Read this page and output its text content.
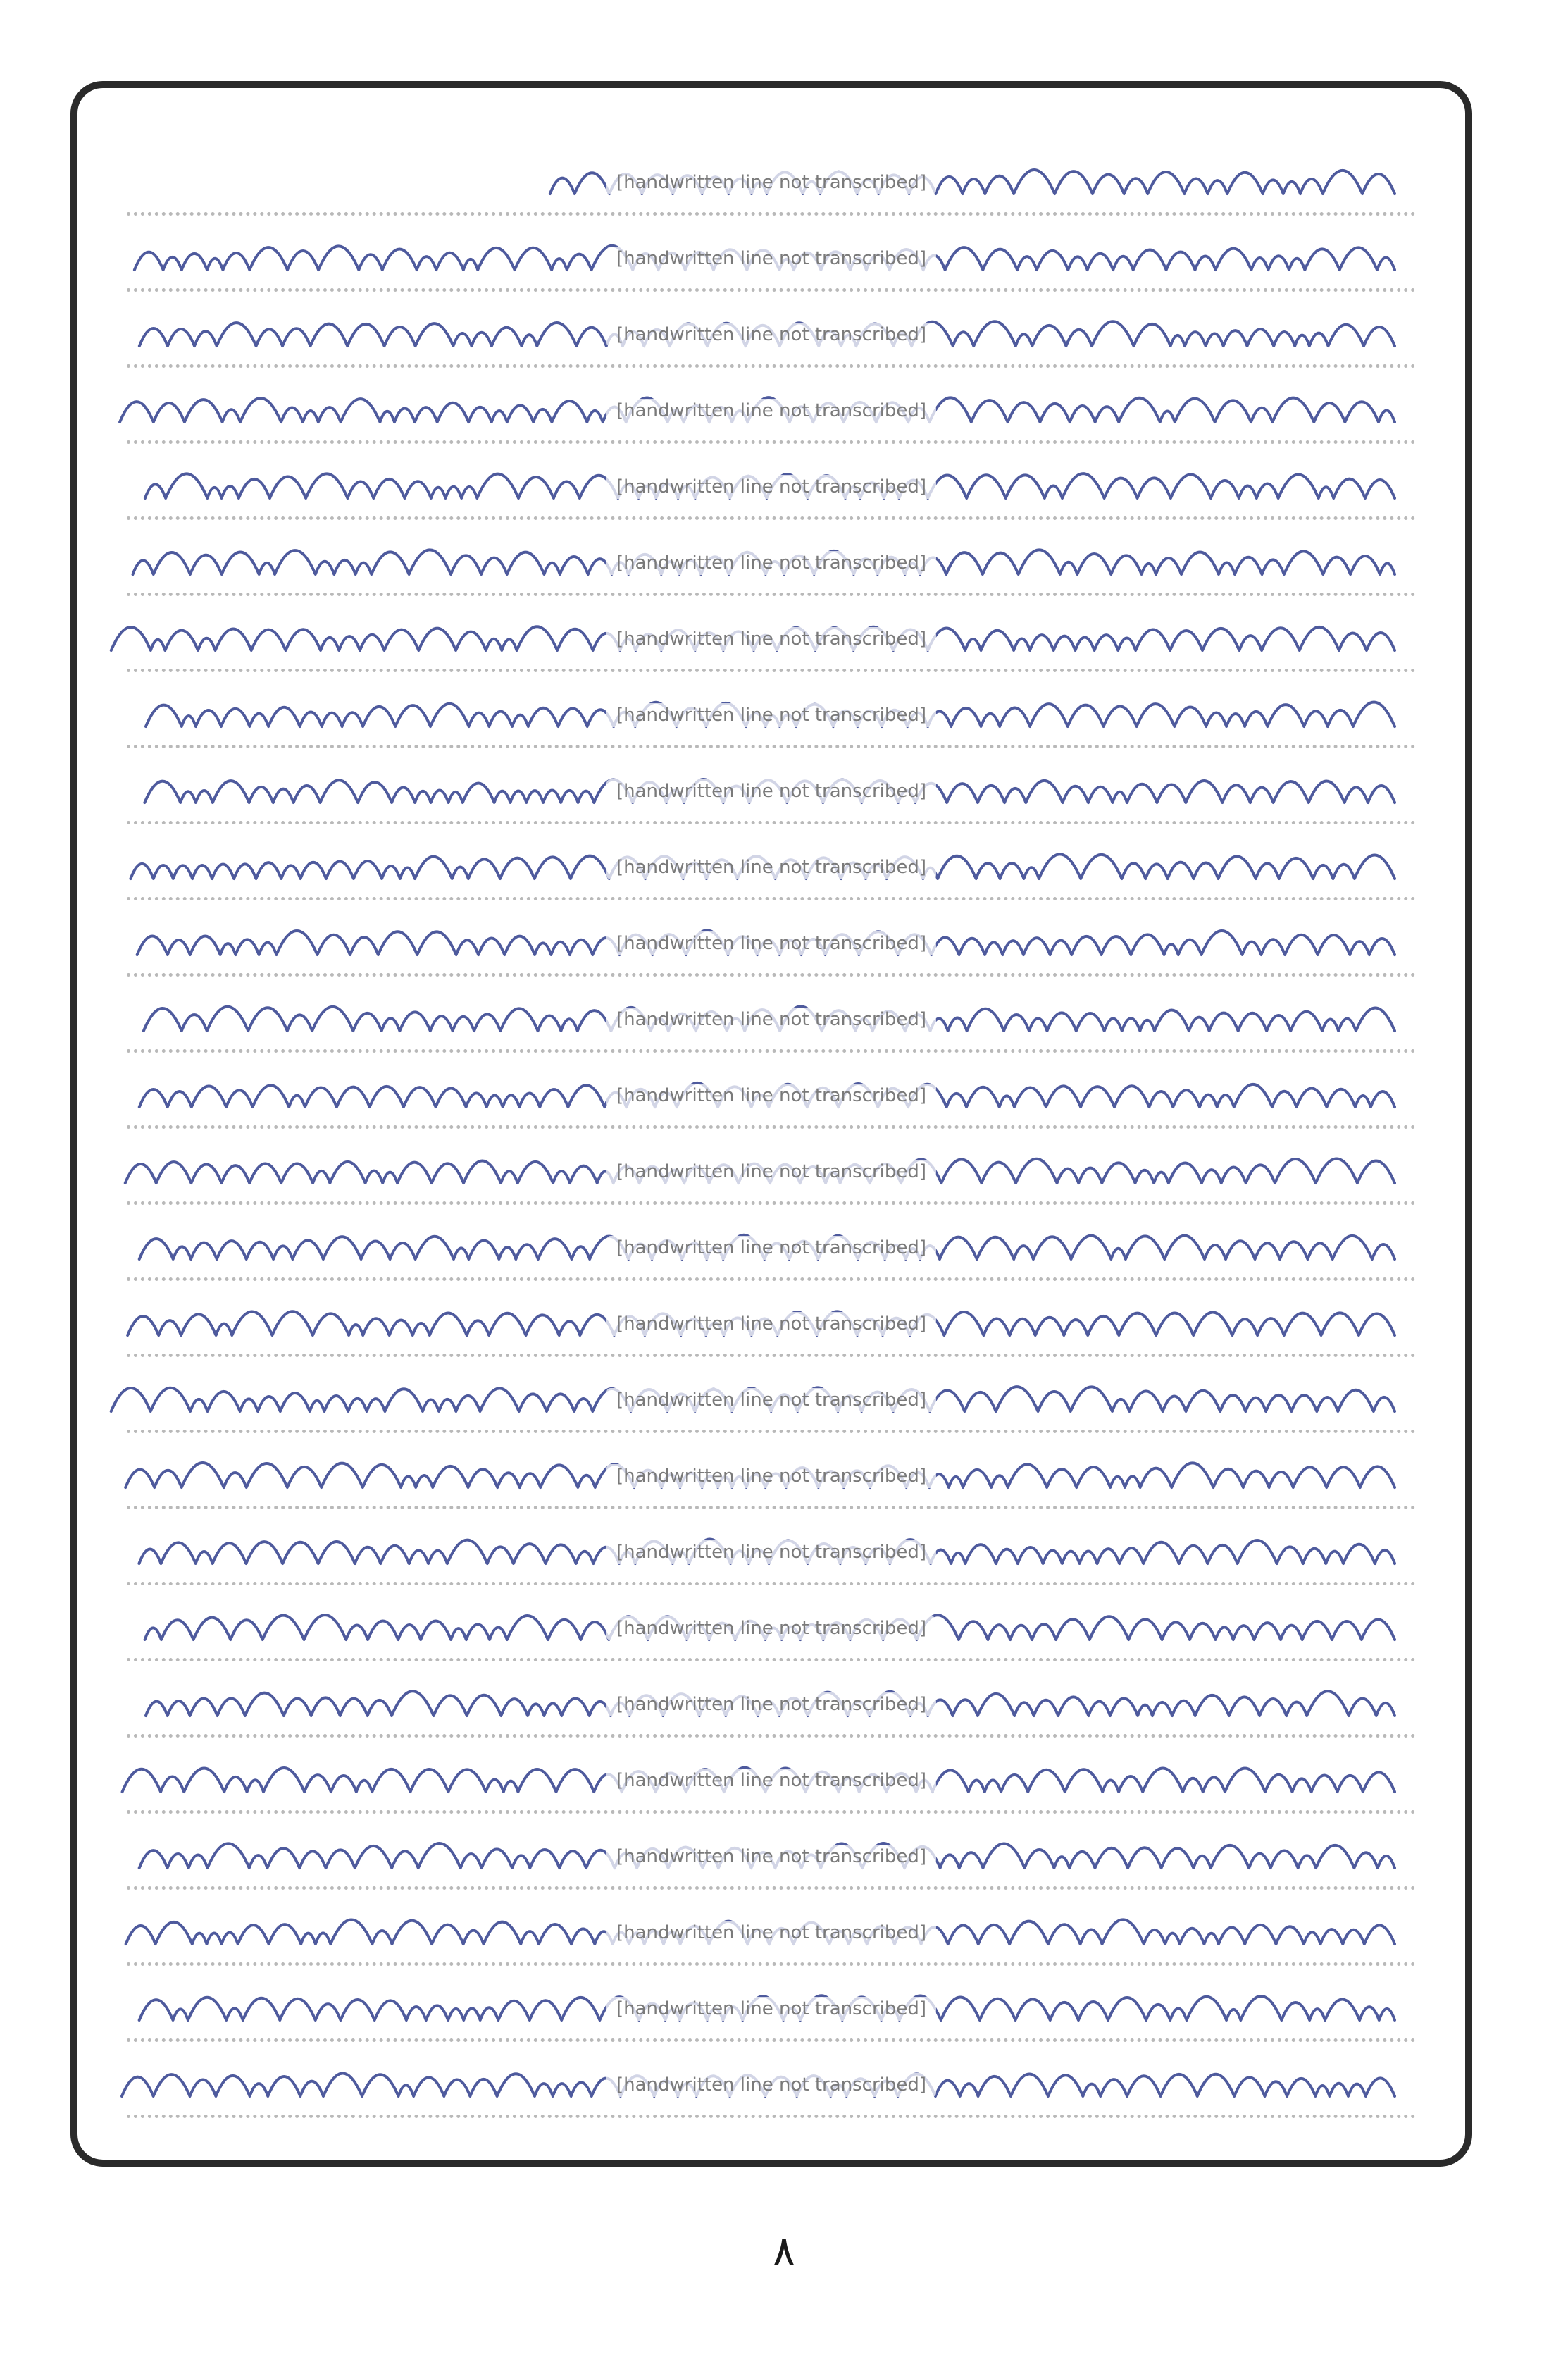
[handwritten line not transcribed]
[handwritten line not transcribed]
[handwritten line not transcribed]
[handwritten line not transcribed]
[handwritten line not transcribed]
[handwritten line not transcribed]
[handwritten line not transcribed]
[handwritten line not transcribed]
[handwritten line not transcribed]
[handwritten line not transcribed]
[handwritten line not transcribed]
[handwritten line not transcribed]
[handwritten line not transcribed]
[handwritten line not transcribed]
[handwritten line not transcribed]
[handwritten line not transcribed]
[handwritten line not transcribed]
[handwritten line not transcribed]
[handwritten line not transcribed]
[handwritten line not transcribed]
[handwritten line not transcribed]
[handwritten line not transcribed]
[handwritten line not transcribed]
[handwritten line not transcribed]
[handwritten line not transcribed]
[handwritten line not transcribed]
۸
